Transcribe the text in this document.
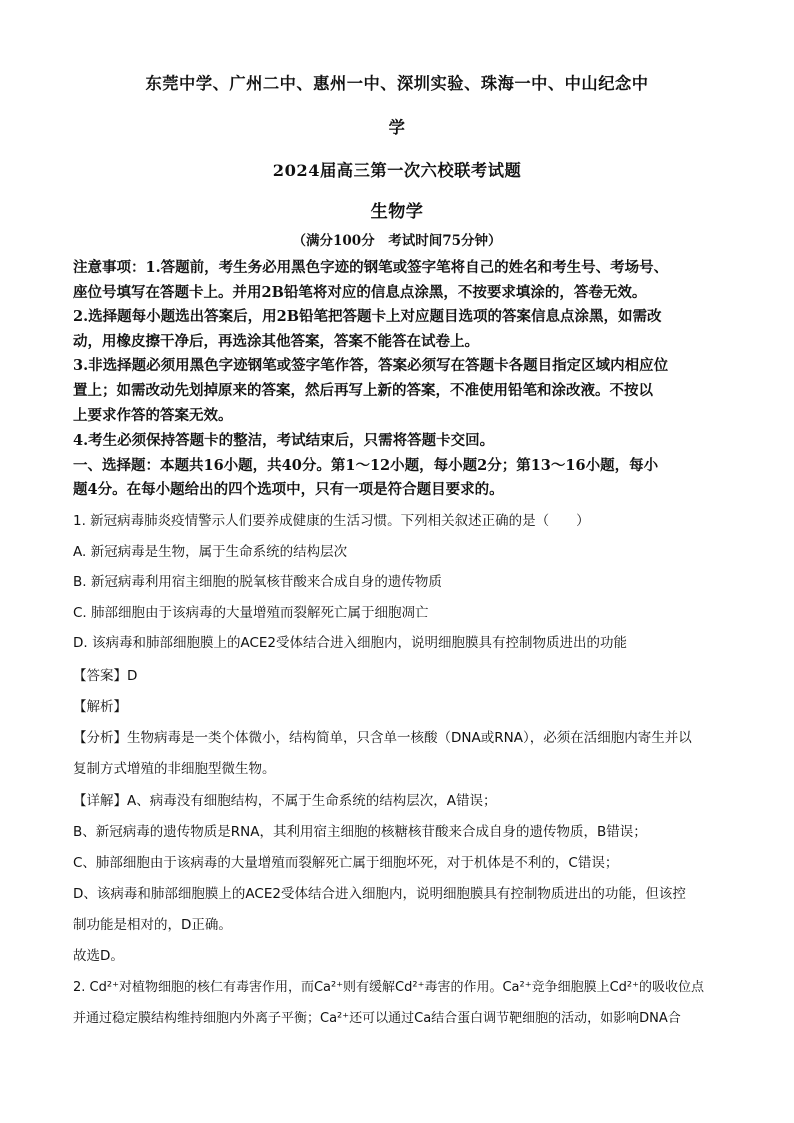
东莞中学、广州二中、惠州一中、深圳实验、珠海一中、中山纪念中
学
2024届高三第一次六校联考试题
生物学
（满分100分　考试时间75分钟）
注意事项：1.答题前，考生务必用黑色字迹的钢笔或签字笔将自己的姓名和考生号、考场号、
座位号填写在答题卡上。并用2B铅笔将对应的信息点涂黑，不按要求填涂的，答卷无效。
2.选择题每小题选出答案后，用2B铅笔把答题卡上对应题目选项的答案信息点涂黑，如需改
动，用橡皮擦干净后，再选涂其他答案，答案不能答在试卷上。
3.非选择题必须用黑色字迹钢笔或签字笔作答，答案必须写在答题卡各题目指定区域内相应位
置上；如需改动先划掉原来的答案，然后再写上新的答案，不准使用铅笔和涂改液。不按以
上要求作答的答案无效。
4.考生必须保持答题卡的整洁，考试结束后，只需将答题卡交回。
一、选择题：本题共16小题，共40分。第1～12小题，每小题2分；第13～16小题，每小
题4分。在每小题给出的四个选项中，只有一项是符合题目要求的。
1. 新冠病毒肺炎疫情警示人们要养成健康的生活习惯。下列相关叙述正确的是（　　）
A. 新冠病毒是生物，属于生命系统的结构层次
B. 新冠病毒利用宿主细胞的脱氧核苷酸来合成自身的遗传物质
C. 肺部细胞由于该病毒的大量增殖而裂解死亡属于细胞凋亡
D. 该病毒和肺部细胞膜上的ACE2受体结合进入细胞内，说明细胞膜具有控制物质进出的功能
【答案】D
【解析】
【分析】生物病毒是一类个体微小，结构简单，只含单一核酸（DNA或RNA），必须在活细胞内寄生并以
复制方式增殖的非细胞型微生物。
【详解】A、病毒没有细胞结构，不属于生命系统的结构层次，A错误；
B、新冠病毒的遗传物质是RNA，其利用宿主细胞的核糖核苷酸来合成自身的遗传物质，B错误；
C、肺部细胞由于该病毒的大量增殖而裂解死亡属于细胞坏死，对于机体是不利的，C错误；
D、该病毒和肺部细胞膜上的ACE2受体结合进入细胞内，说明细胞膜具有控制物质进出的功能，但该控
制功能是相对的，D正确。
故选D。
2. Cd²⁺对植物细胞的核仁有毒害作用，而Ca²⁺则有缓解Cd²⁺毒害的作用。Ca²⁺竞争细胞膜上Cd²⁺的吸收位点
并通过稳定膜结构维持细胞内外离子平衡；Ca²⁺还可以通过Ca结合蛋白调节靶细胞的活动，如影响DNA合
